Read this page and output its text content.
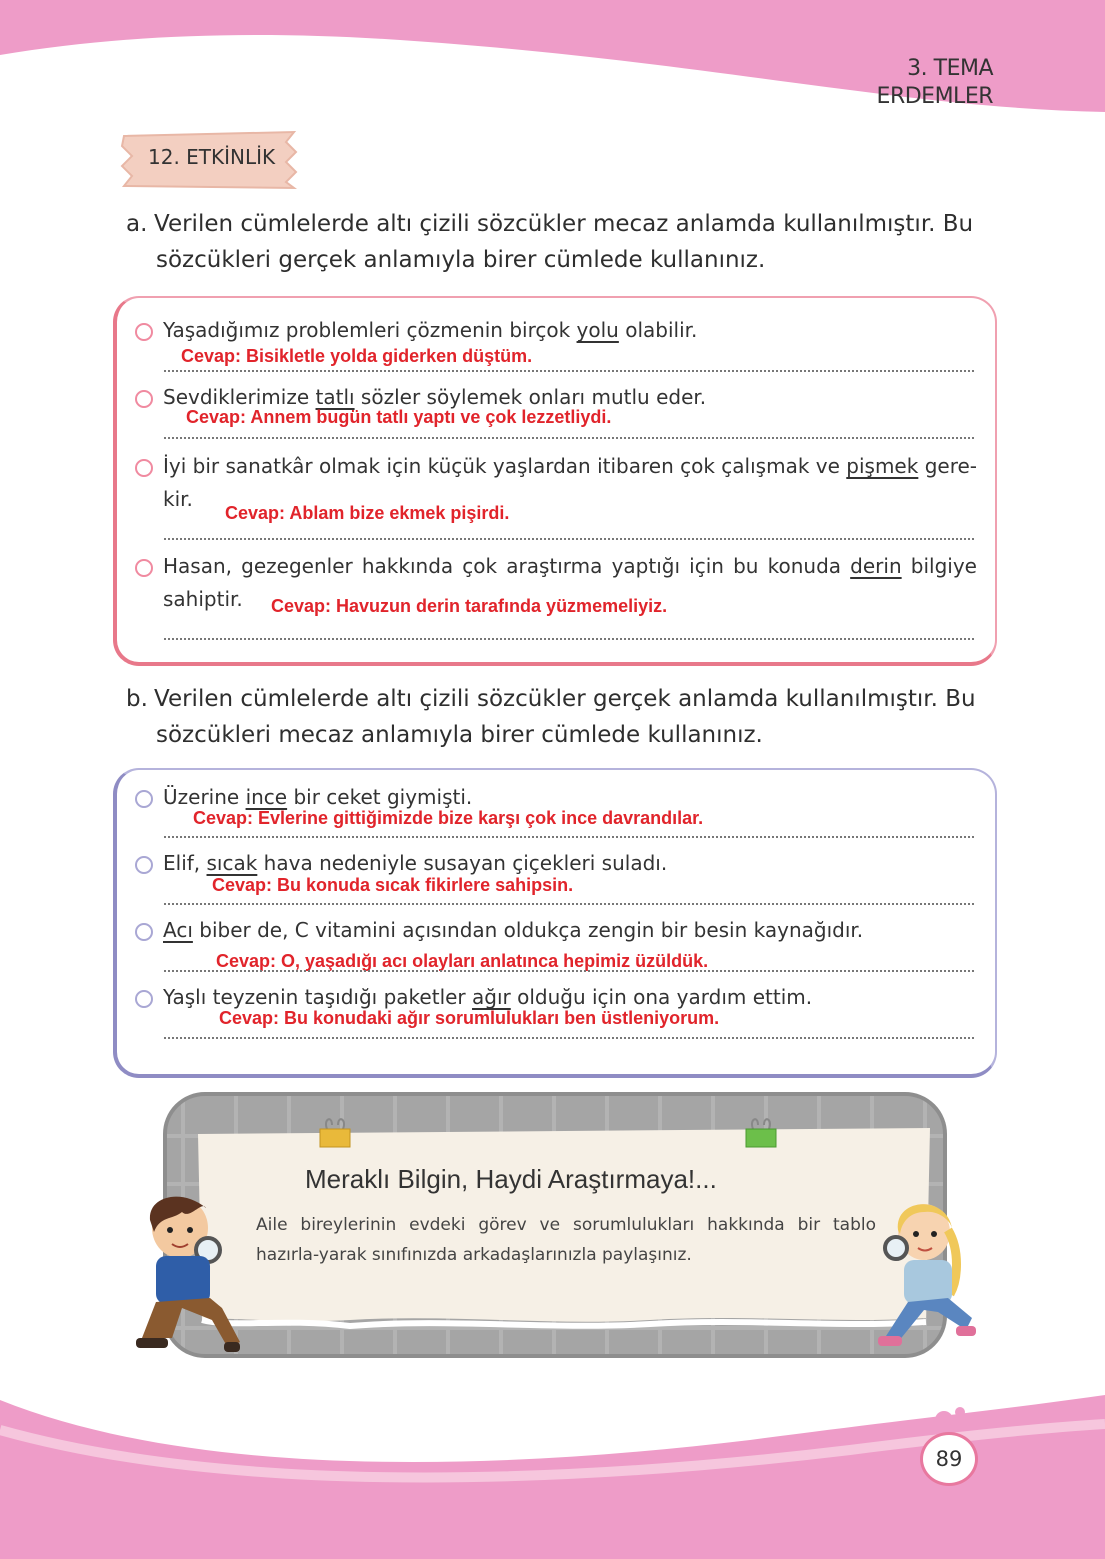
3. TEMA
ERDEMLER
12. ETKİNLİK
a. Verilen cümlelerde altı çizili sözcükler mecaz anlamda kullanılmıştır. Bu
sözcükleri gerçek anlamıyla birer cümlede kullanınız.
Yaşadığımız problemleri çözmenin birçok yolu olabilir.
Cevap: Bisikletle yolda giderken düştüm.
Sevdiklerimize tatlı sözler söylemek onları mutlu eder.
Cevap: Annem bugün tatlı yaptı ve çok lezzetliydi.
İyi bir sanatkâr olmak için küçük yaşlardan itibaren çok çalışmak ve pişmek gere-kir.
Cevap: Ablam bize ekmek pişirdi.
Hasan, gezegenler hakkında çok araştırma yaptığı için bu konuda derin bilgiye sahiptir.	Cevap: Havuzun derin tarafında yüzmemeliyiz.
b. Verilen cümlelerde altı çizili sözcükler gerçek anlamda kullanılmıştır. Bu
sözcükleri mecaz anlamıyla birer cümlede kullanınız.
Üzerine ince bir ceket giymişti.
Cevap: Evlerine gittiğimizde bize karşı çok ince davrandılar.
Elif, sıcak hava nedeniyle susayan çiçekleri suladı.
Cevap: Bu konuda sıcak fikirlere sahipsin.
Acı biber de, C vitamini açısından oldukça zengin bir besin kaynağıdır.
Cevap: O, yaşadığı acı olayları anlatınca hepimiz üzüldük.
Yaşlı teyzenin taşıdığı paketler ağır olduğu için ona yardım ettim.
Cevap: Bu konudaki ağır sorumlulukları ben üstleniyorum.
Meraklı Bilgin, Haydi Araştırmaya!...
Aile bireylerinin evdeki görev ve sorumlulukları hakkında bir tablo hazırla-yarak sınıfınızda arkadaşlarınızla paylaşınız.
89
